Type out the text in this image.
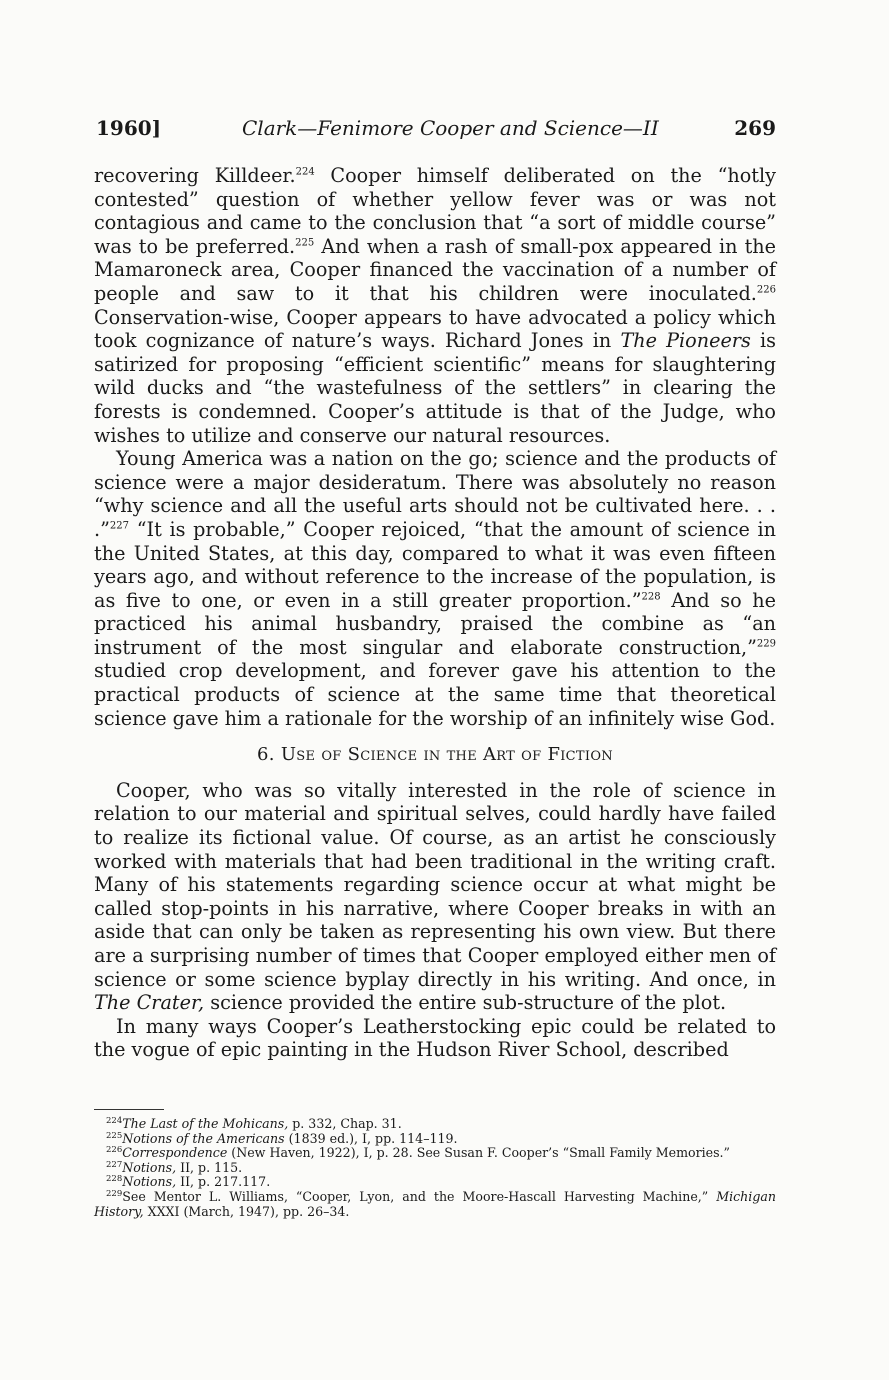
1960]	Clark—Fenimore Cooper and Science—II	269

recovering Killdeer.$^{224}$ Cooper himself deliberated on the “hotly contested” question of whether yellow fever was or was not contagious and came to the conclusion that “a sort of middle course” was to be preferred.$^{225}$ And when a rash of small-pox appeared in the Mamaroneck area, Cooper financed the vaccination of a number of people and saw to it that his children were inoculated.$^{226}$ Conservation-wise, Cooper appears to have advocated a policy which took cognizance of nature’s ways. Richard Jones in The Pioneers is satirized for proposing “efficient scientific” means for slaughtering wild ducks and “the wastefulness of the settlers” in clearing the forests is condemned. Cooper’s attitude is that of the Judge, who wishes to utilize and conserve our natural resources.

Young America was a nation on the go; science and the products of science were a major desideratum. There was absolutely no reason “why science and all the useful arts should not be cultivated here. . . .”$^{227}$ “It is probable,” Cooper rejoiced, “that the amount of science in the United States, at this day, compared to what it was even fifteen years ago, and without reference to the increase of the population, is as five to one, or even in a still greater proportion.”$^{228}$ And so he practiced his animal husbandry, praised the combine as “an instrument of the most singular and elaborate construction,”$^{229}$ studied crop development, and forever gave his attention to the practical products of science at the same time that theoretical science gave him a rationale for the worship of an infinitely wise God.

6. Use of Science in the Art of Fiction

Cooper, who was so vitally interested in the role of science in relation to our material and spiritual selves, could hardly have failed to realize its fictional value. Of course, as an artist he consciously worked with materials that had been traditional in the writing craft. Many of his statements regarding science occur at what might be called stop-points in his narrative, where Cooper breaks in with an aside that can only be taken as representing his own view. But there are a surprising number of times that Cooper employed either men of science or some science byplay directly in his writing. And once, in The Crater, science provided the entire sub-structure of the plot.

In many ways Cooper’s Leatherstocking epic could be related to the vogue of epic painting in the Hudson River School, described

$^{224}$The Last of the Mohicans, p. 332, Chap. 31.

$^{225}$Notions of the Americans (1839 ed.), I, pp. 114–119.

$^{226}$Correspondence (New Haven, 1922), I, p. 28. See Susan F. Cooper’s “Small Family Memories.”

$^{227}$Notions, II, p. 115.

$^{228}$Notions, II, p. 217.117.

$^{229}$See Mentor L. Williams, “Cooper, Lyon, and the Moore-Hascall Harvesting Machine,” Michigan History, XXXI (March, 1947), pp. 26–34.
